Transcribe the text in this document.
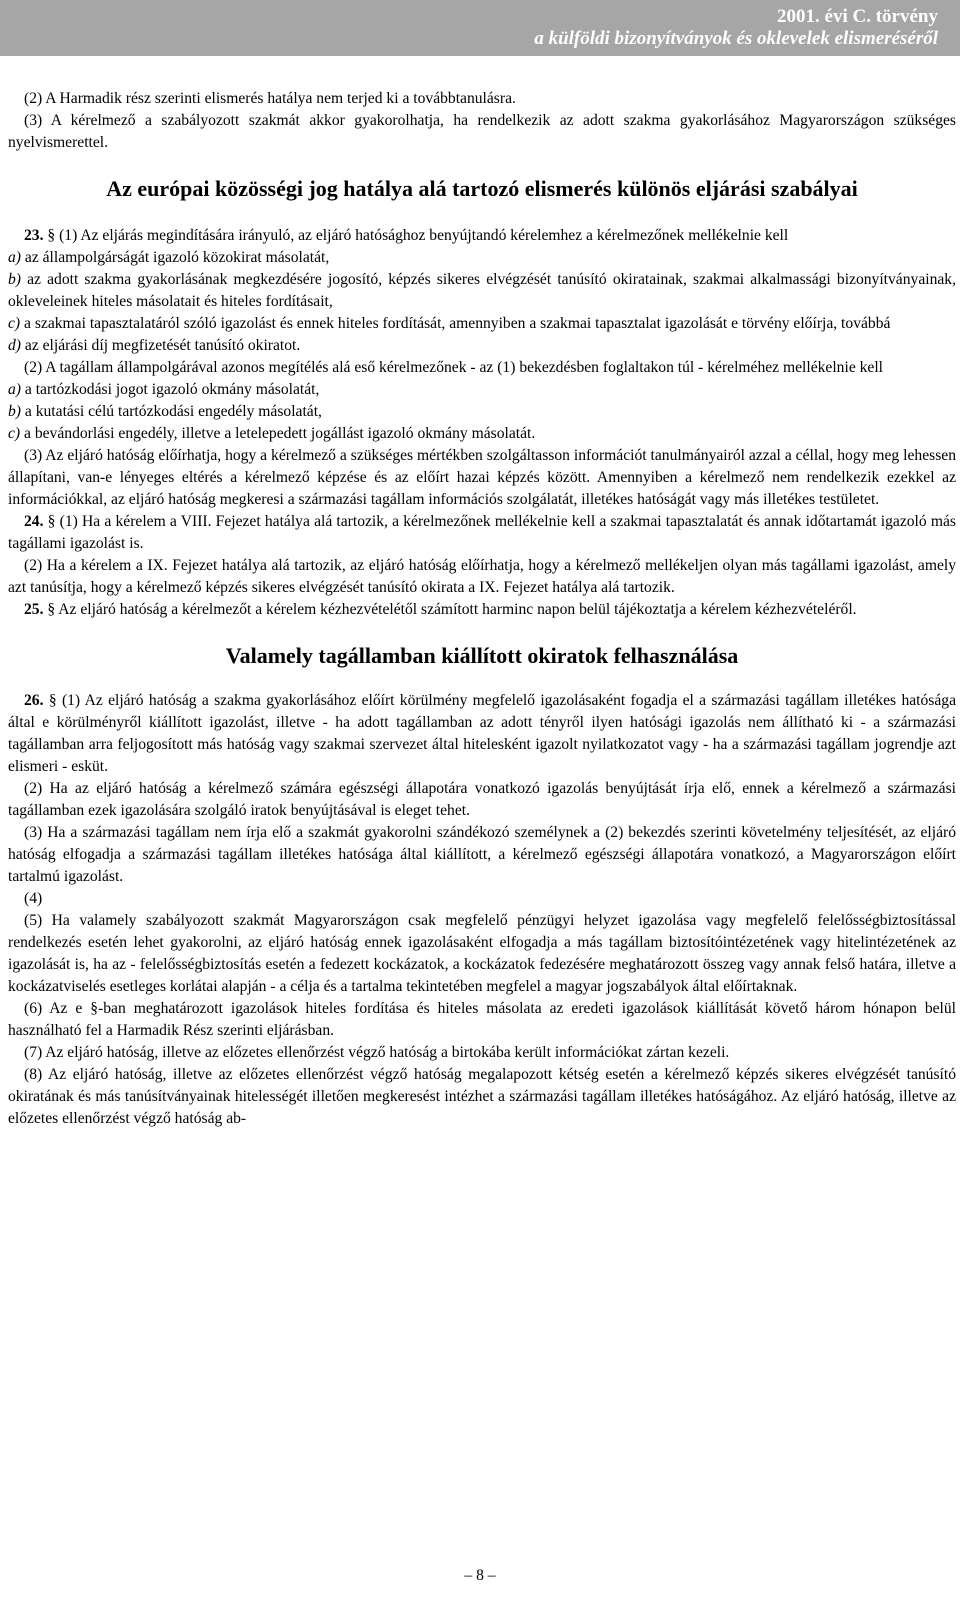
2001. évi C. törvény
a külföldi bizonyítványok és oklevelek elismeréséről

(2) A Harmadik rész szerinti elismerés hatálya nem terjed ki a továbbtanulásra.

(3) A kérelmező a szabályozott szakmát akkor gyakorolhatja, ha rendelkezik az adott szakma gyakorlásához Magyarországon szükséges nyelvismerettel.

Az európai közösségi jog hatálya alá tartozó elismerés különös eljárási szabályai

23. § (1) Az eljárás megindítására irányuló, az eljáró hatósághoz benyújtandó kérelemhez a kérelmezőnek mellékelnie kell

a) az állampolgárságát igazoló közokirat másolatát,

b) az adott szakma gyakorlásának megkezdésére jogosító, képzés sikeres elvégzését tanúsító okiratainak, szakmai alkalmassági bizonyítványainak, okleveleinek hiteles másolatait és hiteles fordításait,

c) a szakmai tapasztalatáról szóló igazolást és ennek hiteles fordítását, amennyiben a szakmai tapasztalat igazolását e törvény előírja, továbbá

d) az eljárási díj megfizetését tanúsító okiratot.

(2) A tagállam állampolgárával azonos megítélés alá eső kérelmezőnek - az (1) bekezdésben foglaltakon túl - kérelméhez mellékelnie kell

a) a tartózkodási jogot igazoló okmány másolatát,

b) a kutatási célú tartózkodási engedély másolatát,

c) a bevándorlási engedély, illetve a letelepedett jogállást igazoló okmány másolatát.

(3) Az eljáró hatóság előírhatja, hogy a kérelmező a szükséges mértékben szolgáltasson információt tanulmányairól azzal a céllal, hogy meg lehessen állapítani, van-e lényeges eltérés a kérelmező képzése és az előírt hazai képzés között. Amennyiben a kérelmező nem rendelkezik ezekkel az információkkal, az eljáró hatóság megkeresi a származási tagállam információs szolgálatát, illetékes hatóságát vagy más illetékes testületet.

24. § (1) Ha a kérelem a VIII. Fejezet hatálya alá tartozik, a kérelmezőnek mellékelnie kell a szakmai tapasztalatát és annak időtartamát igazoló más tagállami igazolást is.

(2) Ha a kérelem a IX. Fejezet hatálya alá tartozik, az eljáró hatóság előírhatja, hogy a kérelmező mellékeljen olyan más tagállami igazolást, amely azt tanúsítja, hogy a kérelmező képzés sikeres elvégzését tanúsító okirata a IX. Fejezet hatálya alá tartozik.

25. § Az eljáró hatóság a kérelmezőt a kérelem kézhezvételétől számított harminc napon belül tájékoztatja a kérelem kézhezvételéről.

Valamely tagállamban kiállított okiratok felhasználása

26. § (1) Az eljáró hatóság a szakma gyakorlásához előírt körülmény megfelelő igazolásaként fogadja el a származási tagállam illetékes hatósága által e körülményről kiállított igazolást, illetve - ha adott tagállamban az adott tényről ilyen hatósági igazolás nem állítható ki - a származási tagállamban arra feljogosított más hatóság vagy szakmai szervezet által hitelesként igazolt nyilatkozatot vagy - ha a származási tagállam jogrendje azt elismeri - esküt.

(2) Ha az eljáró hatóság a kérelmező számára egészségi állapotára vonatkozó igazolás benyújtását írja elő, ennek a kérelmező a származási tagállamban ezek igazolására szolgáló iratok benyújtásával is eleget tehet.

(3) Ha a származási tagállam nem írja elő a szakmát gyakorolni szándékozó személynek a (2) bekezdés szerinti követelmény teljesítését, az eljáró hatóság elfogadja a származási tagállam illetékes hatósága által kiállított, a kérelmező egészségi állapotára vonatkozó, a Magyarországon előírt tartalmú igazolást.

(4)

(5) Ha valamely szabályozott szakmát Magyarországon csak megfelelő pénzügyi helyzet igazolása vagy megfelelő felelősségbiztosítással rendelkezés esetén lehet gyakorolni, az eljáró hatóság ennek igazolásaként elfogadja a más tagállam biztosítóintézetének vagy hitelintézetének az igazolását is, ha az - felelősségbiztosítás esetén a fedezett kockázatok, a kockázatok fedezésére meghatározott összeg vagy annak felső határa, illetve a kockázatviselés esetleges korlátai alapján - a célja és a tartalma tekintetében megfelel a magyar jogszabályok által előírtaknak.

(6) Az e §-ban meghatározott igazolások hiteles fordítása és hiteles másolata az eredeti igazolások kiállítását követő három hónapon belül használható fel a Harmadik Rész szerinti eljárásban.

(7) Az eljáró hatóság, illetve az előzetes ellenőrzést végző hatóság a birtokába került információkat zártan kezeli.

(8) Az eljáró hatóság, illetve az előzetes ellenőrzést végző hatóság megalapozott kétség esetén a kérelmező képzés sikeres elvégzését tanúsító okiratának és más tanúsítványainak hitelességét illetően megkeresést intézhet a származási tagállam illetékes hatóságához. Az eljáró hatóság, illetve az előzetes ellenőrzést végző hatóság ab-

– 8 –
